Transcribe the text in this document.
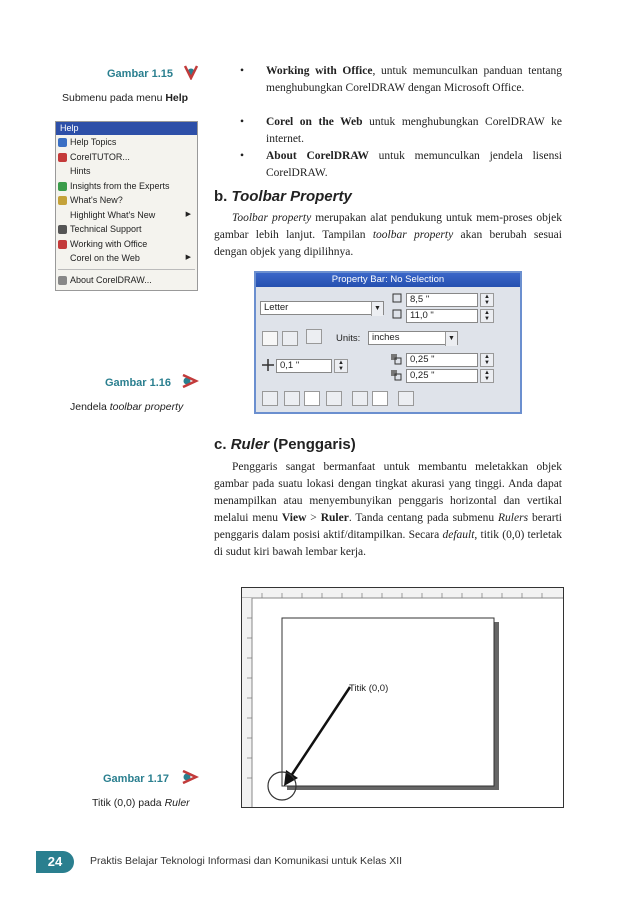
Gambar 1.15
Submenu pada menu Help
Help
Help Topics
CorelTUTOR...
Hints
Insights from the Experts
What's New?
Highlight What's New	▶
Technical Support
Working with Office
Corel on the Web	▶
About CorelDRAW...
• Working with Office, untuk memunculkan panduan tentang menghubungkan CorelDRAW dengan Microsoft Office.
• Corel on the Web untuk menghubungkan CorelDRAW ke internet.
• About CorelDRAW untuk memunculkan jendela lisensi CorelDRAW.
b. Toolbar Property
Toolbar property merupakan alat pendukung untuk mem-proses objek gambar lebih lanjut. Tampilan toolbar property akan berubah sesuai dengan objek yang dipilihnya.
Property Bar: No Selection
Letter	▼
8,5 "	▲
▼
11,0 "	▲
▼
Units:	inches	▼
0,1 "	▲
▼
0,25 "	▲
▼
0,25 "	▲
▼
Gambar 1.16
Jendela toolbar property
c. Ruler (Penggaris)
Penggaris sangat bermanfaat untuk membantu meletakkan objek gambar pada suatu lokasi dengan tingkat akurasi yang tinggi. Anda dapat menampilkan atau menyembunyikan penggaris horizontal dan vertikal melalui menu View > Ruler. Tanda centang pada submenu Rulers berarti penggaris dalam posisi aktif/ditampilkan. Secara default, titik (0,0) terletak di sudut kiri bawah lembar kerja.
Titik (0,0)
Gambar 1.17
Titik (0,0) pada Ruler
24	Praktis Belajar Teknologi Informasi dan Komunikasi untuk Kelas XII
